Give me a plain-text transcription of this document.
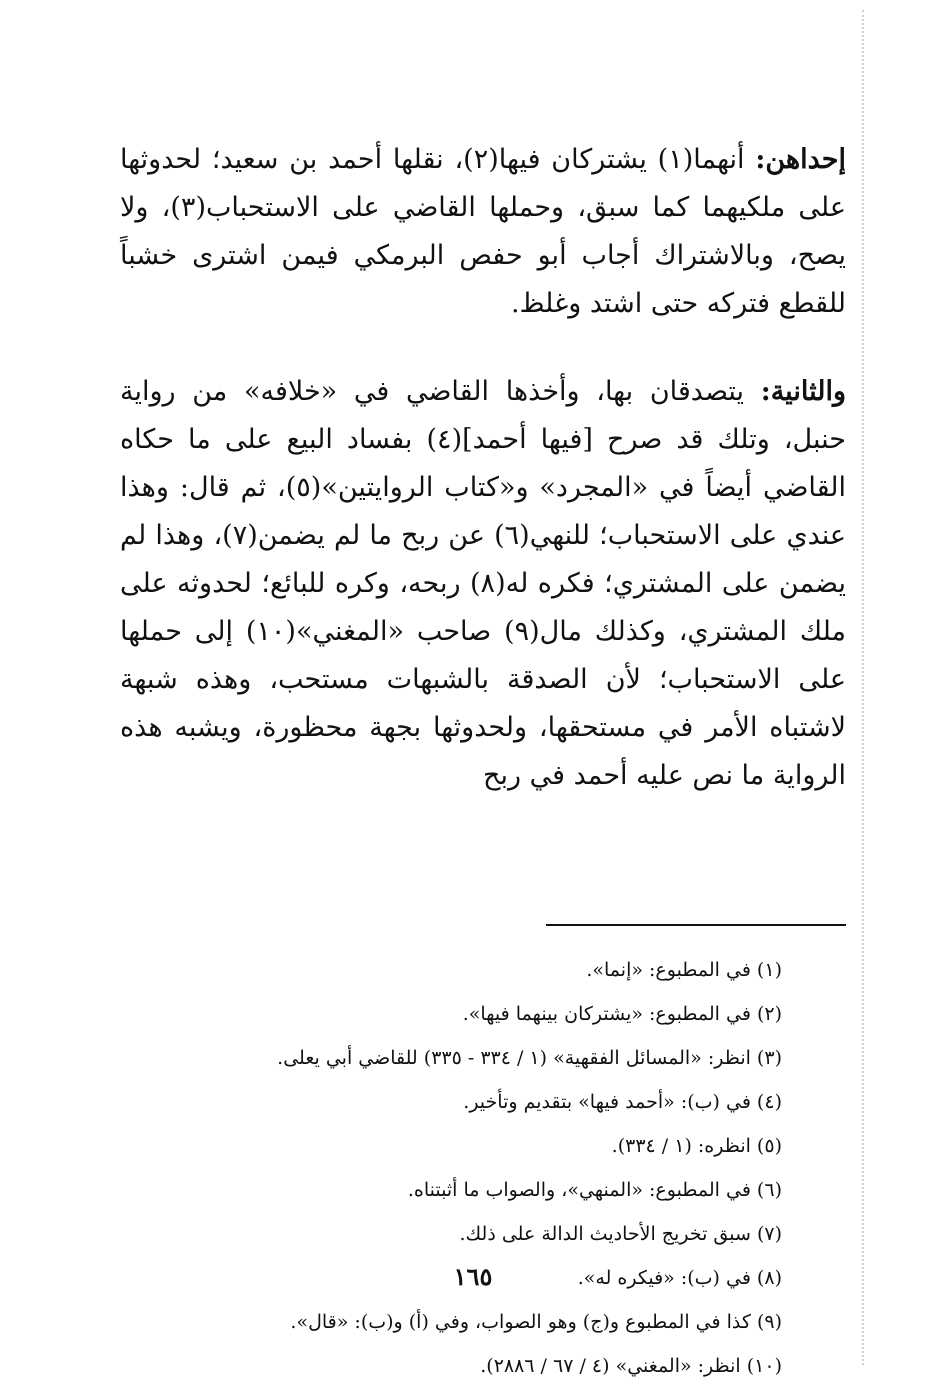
إحداهن: أنهما(١) يشتركان فيها(٢)، نقلها أحمد بن سعيد؛ لحدوثها على ملكيهما كما سبق، وحملها القاضي على الاستحباب(٣)، ولا يصح، وبالاشتراك أجاب أبو حفص البرمكي فيمن اشترى خشباً للقطع فتركه حتى اشتد وغلظ.

والثانية: يتصدقان بها، وأخذها القاضي في «خلافه» من رواية حنبل، وتلك قد صرح [فيها أحمد](٤) بفساد البيع على ما حكاه القاضي أيضاً في «المجرد» و«كتاب الروايتين»(٥)، ثم قال: وهذا عندي على الاستحباب؛ للنهي(٦) عن ربح ما لم يضمن(٧)، وهذا لم يضمن على المشتري؛ فكره له(٨) ربحه، وكره للبائع؛ لحدوثه على ملك المشتري، وكذلك مال(٩) صاحب «المغني»(١٠) إلى حملها على الاستحباب؛ لأن الصدقة بالشبهات مستحب، وهذه شبهة لاشتباه الأمر في مستحقها، ولحدوثها بجهة محظورة، ويشبه هذه الرواية ما نص عليه أحمد في ربح

(١) في المطبوع: «إنما».
(٢) في المطبوع: «يشتركان بينهما فيها».
(٣) انظر: «المسائل الفقهية» (١ / ٣٣٤ - ٣٣٥) للقاضي أبي يعلى.
(٤) في (ب): «أحمد فيها» بتقديم وتأخير.
(٥) انظره: (١ / ٣٣٤).
(٦) في المطبوع: «المنهي»، والصواب ما أثبتناه.
(٧) سبق تخريج الأحاديث الدالة على ذلك.
(٨) في (ب): «فيكره له».
(٩) كذا في المطبوع و(ج) وهو الصواب، وفي (أ) و(ب): «قال».
(١٠) انظر: «المغني» (٤ / ٦٧ / ٢٨٨٦).
١٦٥
